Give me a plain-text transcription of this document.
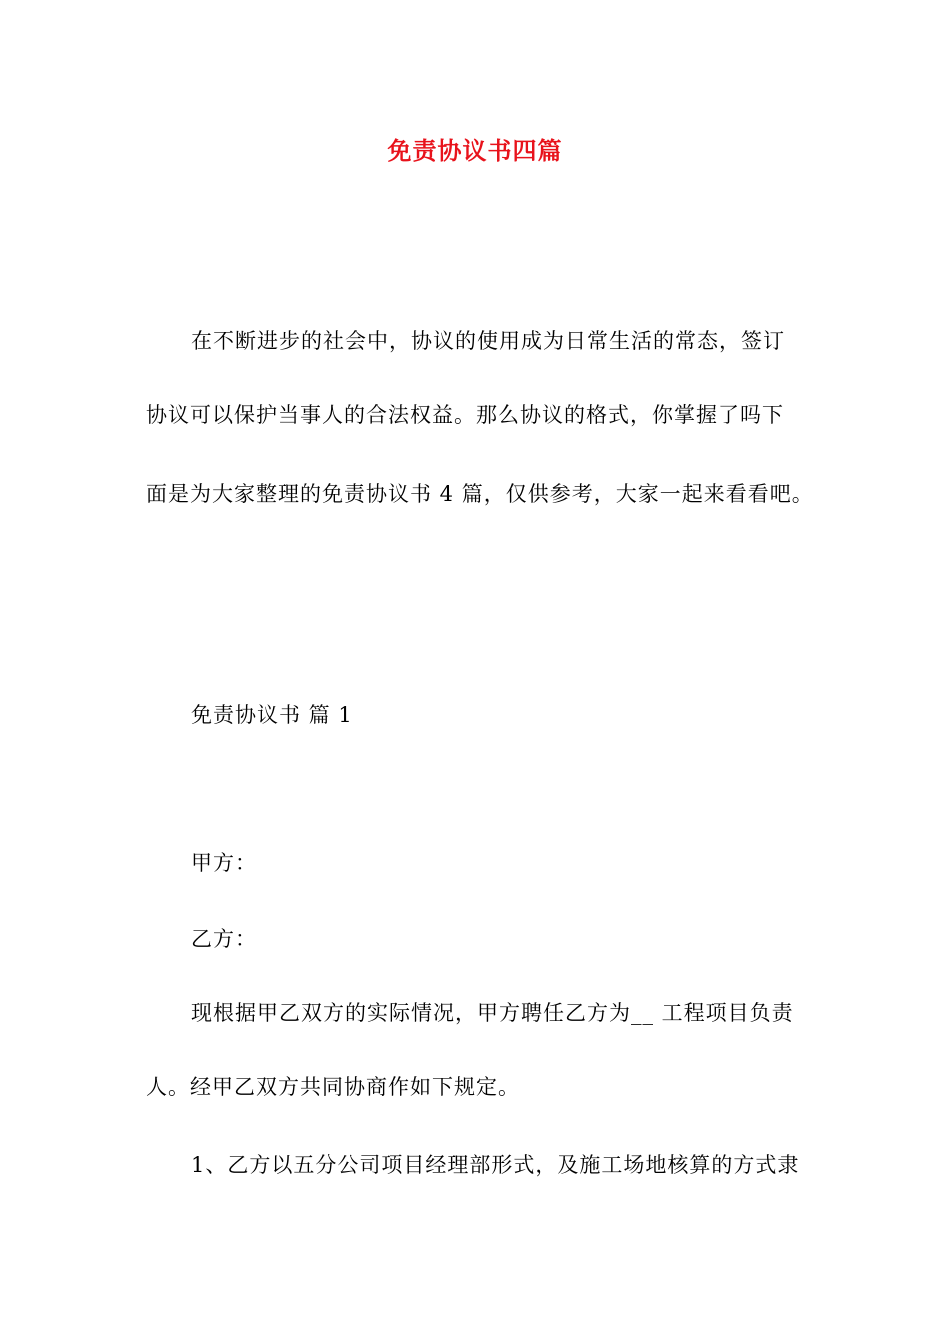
免责协议书四篇
在不断进步的社会中，协议的使用成为日常生活的常态，签订
协议可以保护当事人的合法权益。那么协议的格式，你掌握了吗下
面是为大家整理的免责协议书 4 篇，仅供参考，大家一起来看看吧。
免责协议书 篇 1
甲方：
乙方：
现根据甲乙双方的实际情况，甲方聘任乙方为__ 工程项目负责
人。经甲乙双方共同协商作如下规定。
1、乙方以五分公司项目经理部形式，及施工场地核算的方式隶
